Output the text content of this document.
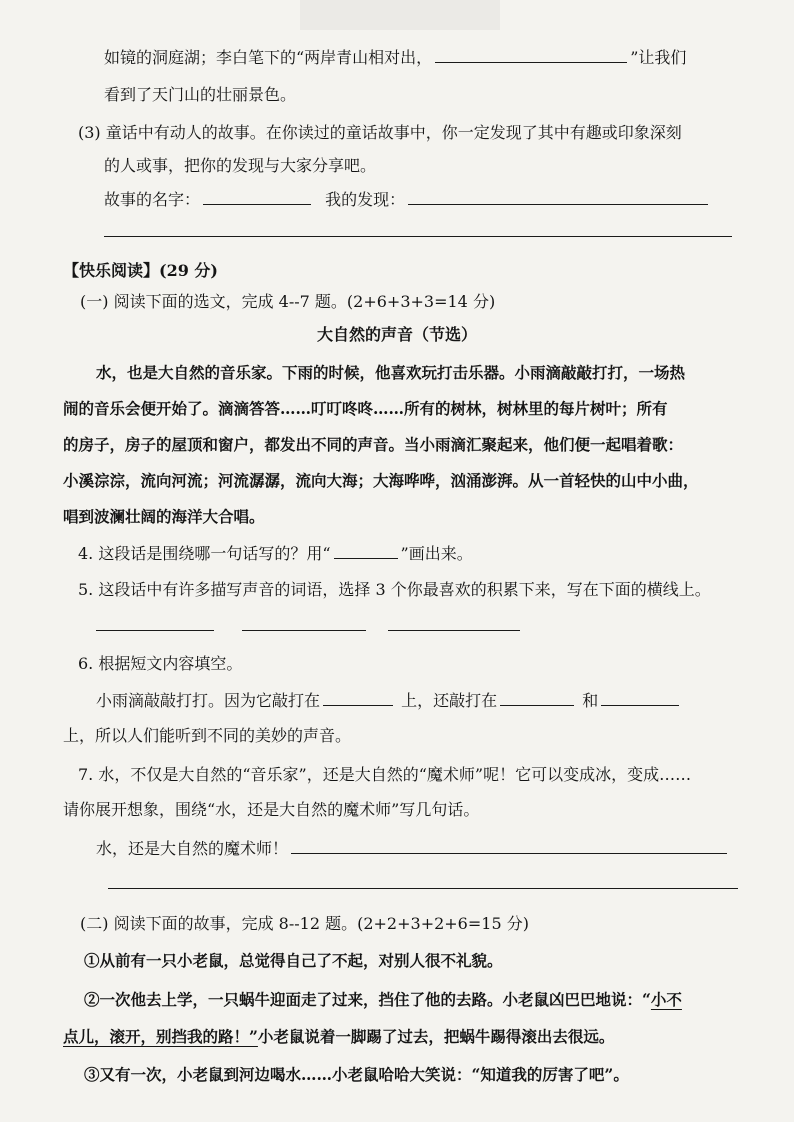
如镜的洞庭湖；李白笔下的“两岸青山相对出，	”让我们
看到了天门山的壮丽景色。
(3) 童话中有动人的故事。在你读过的童话故事中，你一定发现了其中有趣或印象深刻
的人或事，把你的发现与大家分享吧。
故事的名字：	我的发现：
【快乐阅读】(29 分)
(一) 阅读下面的选文，完成 4--7 题。(2+6+3+3=14 分)
大自然的声音（节选）
水，也是大自然的音乐家。下雨的时候，他喜欢玩打击乐器。小雨滴敲敲打打，一场热
闹的音乐会便开始了。滴滴答答……叮叮咚咚……所有的树林，树林里的每片树叶；所有
的房子，房子的屋顶和窗户，都发出不同的声音。当小雨滴汇聚起来，他们便一起唱着歌：
小溪淙淙，流向河流；河流潺潺，流向大海；大海哗哗，汹涌澎湃。从一首轻快的山中小曲，
唱到波澜壮阔的海洋大合唱。
4. 这段话是围绕哪一句话写的？用“	”画出来。
5. 这段话中有许多描写声音的词语，选择 3 个你最喜欢的积累下来，写在下面的横线上。
6. 根据短文内容填空。
小雨滴敲敲打打。因为它敲打在	上，还敲打在	和
上，所以人们能听到不同的美妙的声音。
7. 水，不仅是大自然的“音乐家”，还是大自然的“魔术师”呢！它可以变成冰，变成……
请你展开想象，围绕“水，还是大自然的魔术师”写几句话。
水，还是大自然的魔术师！
(二) 阅读下面的故事，完成 8--12 题。(2+2+3+2+6=15 分)
①从前有一只小老鼠，总觉得自己了不起，对别人很不礼貌。
②一次他去上学，一只蜗牛迎面走了过来，挡住了他的去路。小老鼠凶巴巴地说：“小不
点儿，滚开，别挡我的路！”小老鼠说着一脚踢了过去，把蜗牛踢得滚出去很远。
③又有一次，小老鼠到河边喝水……小老鼠哈哈大笑说：“知道我的厉害了吧”。
